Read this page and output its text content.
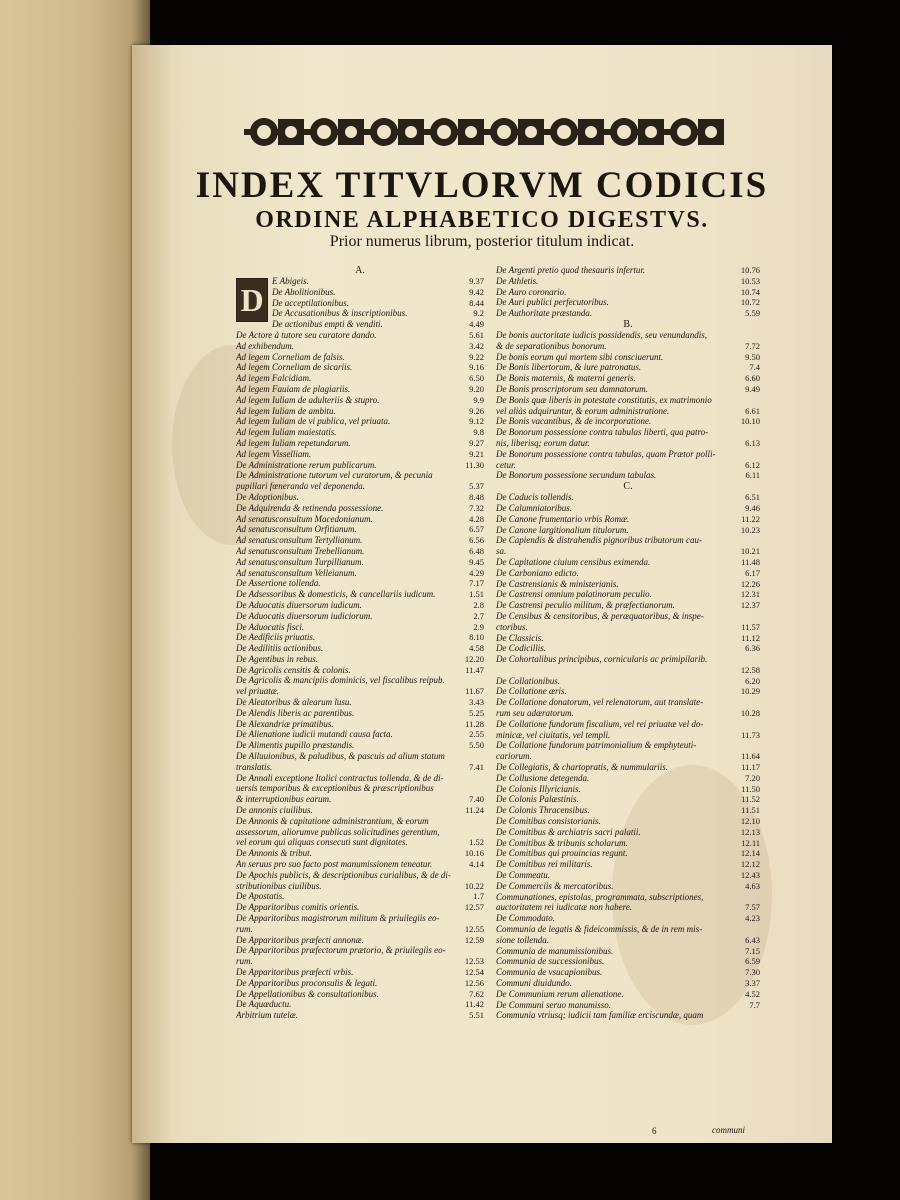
INDEX TITVLORVM CODICIS
ORDINE ALPHABETICO DIGESTVS.
Prior numerus librum, posterior titulum indicat.
A.
D
E Abigeis.	9.37
De Abolitionibus.	9.42
De acceptilationibus.	8.44
De Accusationibus & inscriptionibus.	9.2
De actionibus empti & venditi.	4.49
De Actore à tutore seu curatore dando.	5.61
Ad exhibendum.	3.42
Ad legem Corneliam de falsis.	9.22
Ad legem Corneliam de sicariis.	9.16
Ad legem Falcidiam.	6.50
Ad legem Fauiam de plagiariis.	9.20
Ad legem Iuliam de adulteriis & stupro.	9.9
Ad legem Iuliam de ambitu.	9.26
Ad legem Iuliam de vi publica, vel priuata.	9.12
Ad legem Iuliam maiestatis.	9.8
Ad legem Iuliam repetundarum.	9.27
Ad legem Visselliam.	9.21
De Administratione rerum publicarum.	11.30
De Administratione tutorum vel curatorum, & pecunia
pupillari fœneranda vel deponenda.	5.37
De Adoptionibus.	8.48
De Adquirenda & retinenda possessione.	7.32
Ad senatusconsultum Macedonianum.	4.28
Ad senatusconsultum Orfitianum.	6.57
Ad senatusconsultum Tertyllianum.	6.56
Ad senatusconsultum Trebellianum.	6.48
Ad senatusconsultum Turpillianum.	9.45
Ad senatusconsultum Velleianum.	4.29
De Assertione tollenda.	7.17
De Adsessoribus & domesticis, & cancellariis iudicum.	1.51
De Aduocatis diuersorum iudicum.	2.8
De Aduocatis diuersorum iudiciorum.	2.7
De Aduocatis fisci.	2.9
De Aedificiis priuatis.	8.10
De Aedilitiis actionibus.	4.58
De Agentibus in rebus.	12.20
De Agricolis censitis & colonis.	11.47
De Agricolis & mancipiis dominicis, vel fiscalibus reipub.
vel priuatæ.	11.67
De Aleatoribus & alearum lusu.	3.43
De Alendis liberis ac parentibus.	5.25
De Alexandriæ primatibus.	11.28
De Alienatione iudicii mutandi causa facta.	2.55
De Alimentis pupillo præstandis.	5.50
De Alluuionibus, & paludibus, & pascuis ad alium statum
translatis.	7.41
De Annali exceptione Italici contractus tollenda, & de di-
uersis temporibus & exceptionibus & præscriptionibus
& interruptionibus earum.	7.40
De annonis ciuilibus.	11.24
De Annonis & capitatione administrantium, & eorum
assessorum, aliorumve publicas solicitudines gerentium,
vel eorum qui aliquas consecuti sunt dignitates.	1.52
De Annonis & tribut.	10.16
An seruus pro suo facto post manumissionem teneatur.	4.14
De Apochis publicis, & descriptionibus curialibus, & de di-
stributionibus ciuilibus.	10.22
De Apostatis.	1.7
De Apparitoribus comitis orientis.	12.57
De Apparitoribus magistrorum militum & priuilegiis eo-
rum.	12.55
De Apparitoribus præfecti annonæ.	12.59
De Apparitoribus præfectorum prætorio, & priuilegiis eo-
rum.	12.53
De Apparitoribus præfecti vrbis.	12.54
De Apparitoribus proconsulis & legati.	12.56
De Appellationibus & consultationibus.	7.62
De Aquæductu.	11.42
Arbitrium tutelæ.	5.51
De Argenti pretio quod thesauris infertur.	10.76
De Athletis.	10.53
De Auro coronario.	10.74
De Auri publici perfecutoribus.	10.72
De Authoritate præstanda.	5.59
B.
De bonis auctoritate iudicis possidendis, seu venundandis,
& de separationibus bonorum.	7.72
De bonis eorum qui mortem sibi consciuerunt.	9.50
De Bonis libertorum, & iure patronatus.	7.4
De Bonis maternis, & materni generis.	6.60
De Bonis proscriptorum seu damnatorum.	9.49
De Bonis quæ liberis in potestate constitutis, ex matrimonio
vel aliàs adquiruntur, & eorum administratione.	6.61
De Bonis vacantibus, & de incorporatione.	10.10
De Bonorum possessione contra tabulas liberti, qua patro-
nis, liberisq; eorum datur.	6.13
De Bonorum possessione contra tabulas, quam Prætor polli-
cetur.	6.12
De Bonorum possessione secundum tabulas.	6.11
C.
De Caducis tollendis.	6.51
De Calumniatoribus.	9.46
De Canone frumentario vrbis Romæ.	11.22
De Canone largitionalium titulorum.	10.23
De Capiendis & distrahendis pignoribus tributorum cau-
sa.	10.21
De Capitatione ciuium censibus eximenda.	11.48
De Carboniano edicto.	6.17
De Castrensianis & ministerianis.	12.26
De Castrensi omnium palatinorum peculio.	12.31
De Castrensi peculio militum, & præfectianorum.	12.37
De Censibus & censitoribus, & peræquatoribus, & inspe-
ctoribus.	11.57
De Classicis.	11.12
De Codicillis.	6.36
De Cohortalibus principibus, cornicularis ac primipilarib.
12.58
De Collationibus.	6.20
De Collatione æris.	10.29
De Collatione donatorum, vel relenatorum, aut translate-
rum seu adæratorum.	10.28
De Collatione fundorum fiscalium, vel rei priuatæ vel do-
minicæ, vel ciuitatis, vel templi.	11.73
De Collatione fundorum patrimonialium & emphyteuti-
cariorum.	11.64
De Collegiatis, & chartopratis, & nummulariis.	11.17
De Collusione detegenda.	7.20
De Colonis Illyricianis.	11.50
De Colonis Palæstinis.	11.52
De Colonis Thracensibus.	11.51
De Comitibus consistorianis.	12.10
De Comitibus & archiatris sacri palatii.	12.13
De Comitibus & tribunis scholarum.	12.11
De Comitibus qui prouincias regunt.	12.14
De Comitibus rei militaris.	12.12
De Commeatu.	12.43
De Commerciis & mercatoribus.	4.63
Communationes, epistolas, programmata, subscriptiones,
auctoritatem rei iudicatæ non habere.	7.57
De Commodato.	4.23
Communia de legatis & fideicommissis, & de in rem mis-
sione tollenda.	6.43
Communia de manumissionibus.	7.15
Communia de successionibus.	6.59
Communia de vsucapionibus.	7.30
Communi diuidundo.	3.37
De Communium rerum alienatione.	4.52
De Communi seruo manumisso.	7.7
Communia vtriusq; iudicii tam familiæ erciscundæ, quam
6	communi
